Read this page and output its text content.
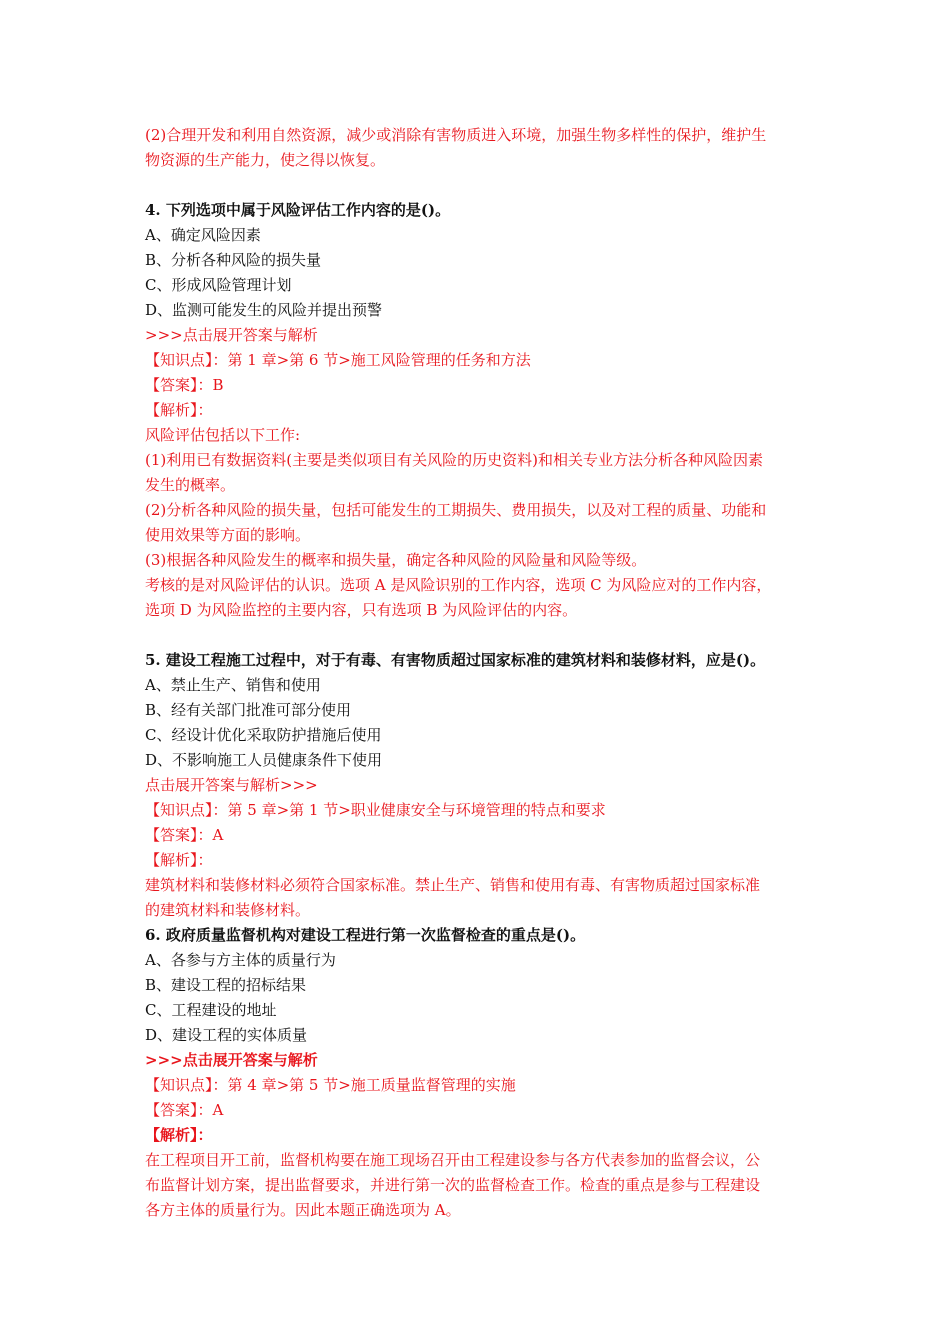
(2)合理开发和利用自然资源，减少或消除有害物质进入环境，加强生物多样性的保护，维护生
物资源的生产能力，使之得以恢复。
4. 下列选项中属于风险评估工作内容的是()。
A、确定风险因素
B、分析各种风险的损失量
C、形成风险管理计划
D、监测可能发生的风险并提出预警
>>>点击展开答案与解析
【知识点】：第 1 章>第 6 节>施工风险管理的任务和方法
【答案】：B
【解析】：
风险评估包括以下工作:
(1)利用已有数据资料(主要是类似项目有关风险的历史资料)和相关专业方法分析各种风险因素
发生的概率。
(2)分析各种风险的损失量，包括可能发生的工期损失、费用损失，以及对工程的质量、功能和
使用效果等方面的影响。
(3)根据各种风险发生的概率和损失量，确定各种风险的风险量和风险等级。
考核的是对风险评估的认识。选项 A 是风险识别的工作内容，选项 C 为风险应对的工作内容，
选项 D 为风险监控的主要内容，只有选项 B 为风险评估的内容。
5. 建设工程施工过程中，对于有毒、有害物质超过国家标准的建筑材料和装修材料，应是()。
A、禁止生产、销售和使用
B、经有关部门批准可部分使用
C、经设计优化采取防护措施后使用
D、不影响施工人员健康条件下使用
点击展开答案与解析>>>
【知识点】：第 5 章>第 1 节>职业健康安全与环境管理的特点和要求
【答案】：A
【解析】：
建筑材料和装修材料必须符合国家标准。禁止生产、销售和使用有毒、有害物质超过国家标准
的建筑材料和装修材料。
6. 政府质量监督机构对建设工程进行第一次监督检查的重点是()。
A、各参与方主体的质量行为
B、建设工程的招标结果
C、工程建设的地址
D、建设工程的实体质量
>>>点击展开答案与解析
【知识点】：第 4 章>第 5 节>施工质量监督管理的实施
【答案】：A
【解析】：
在工程项目开工前，监督机构要在施工现场召开由工程建设参与各方代表参加的监督会议，公
布监督计划方案，提出监督要求，并进行第一次的监督检查工作。检查的重点是参与工程建设
各方主体的质量行为。因此本题正确选项为 A。
